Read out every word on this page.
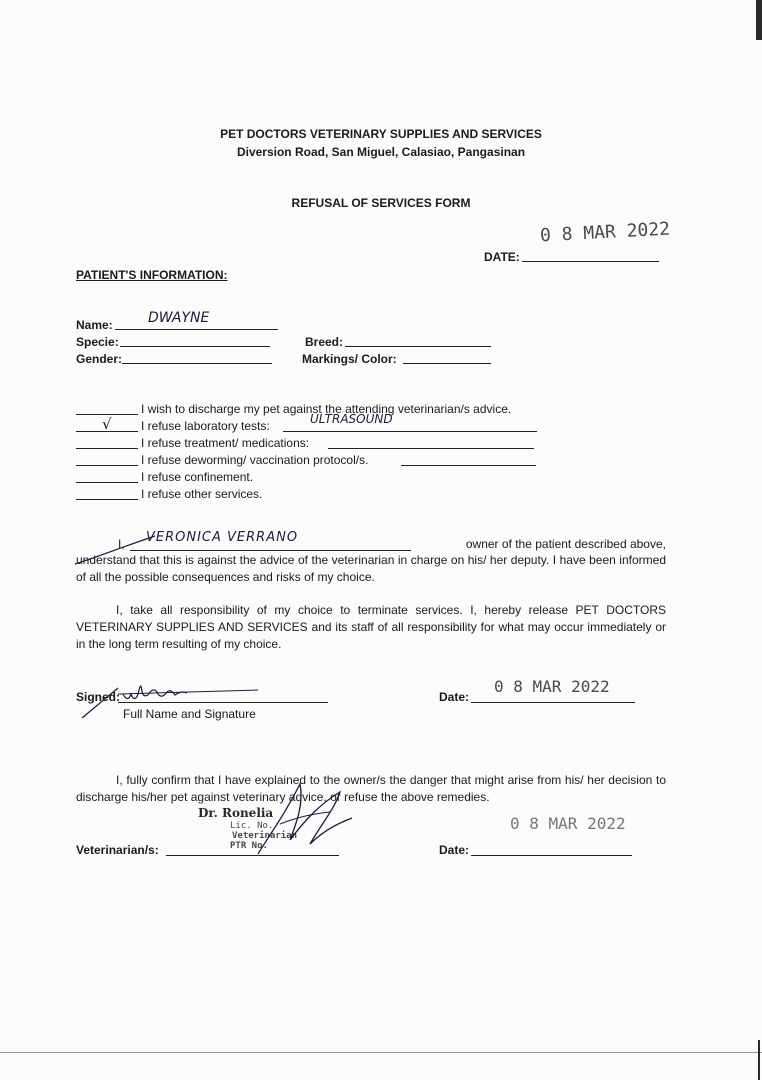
PET DOCTORS VETERINARY SUPPLIES AND SERVICES
Diversion Road, San Miguel, Calasiao, Pangasinan
REFUSAL OF SERVICES FORM
0 8 MAR 2022
DATE:
PATIENT'S INFORMATION:
Name:	DWAYNE
Specie:	Breed:
Gender:	Markings/ Color:
I wish to discharge my pet against the attending veterinarian/s advice.
√ I refuse laboratory tests:	ULTRASOUND
I refuse treatment/ medications:
I refuse deworming/ vaccination protocol/s.
I refuse confinement.
I refuse other services.
I, VERONICA VERRANO	owner of the patient described above,
understand that this is against the advice of the veterinarian in charge on his/ her deputy. I have been informed of all the possible consequences and risks of my choice.
I, take all responsibility of my choice to terminate services. I, hereby release PET DOCTORS VETERINARY SUPPLIES AND SERVICES and its staff of all responsibility for what may occur immediately or in the long term resulting of my choice.
Signed:
Full Name and Signature
Date:
0 8 MAR 2022
I, fully confirm that I have explained to the owner/s the danger that might arise from his/ her decision to discharge his/her pet against veterinary advice, or refuse the above remedies.
Dr. Ronelia
Lic. No.
Veterinarian
PTR No.
Veterinarian/s:	Date:
0 8 MAR 2022
